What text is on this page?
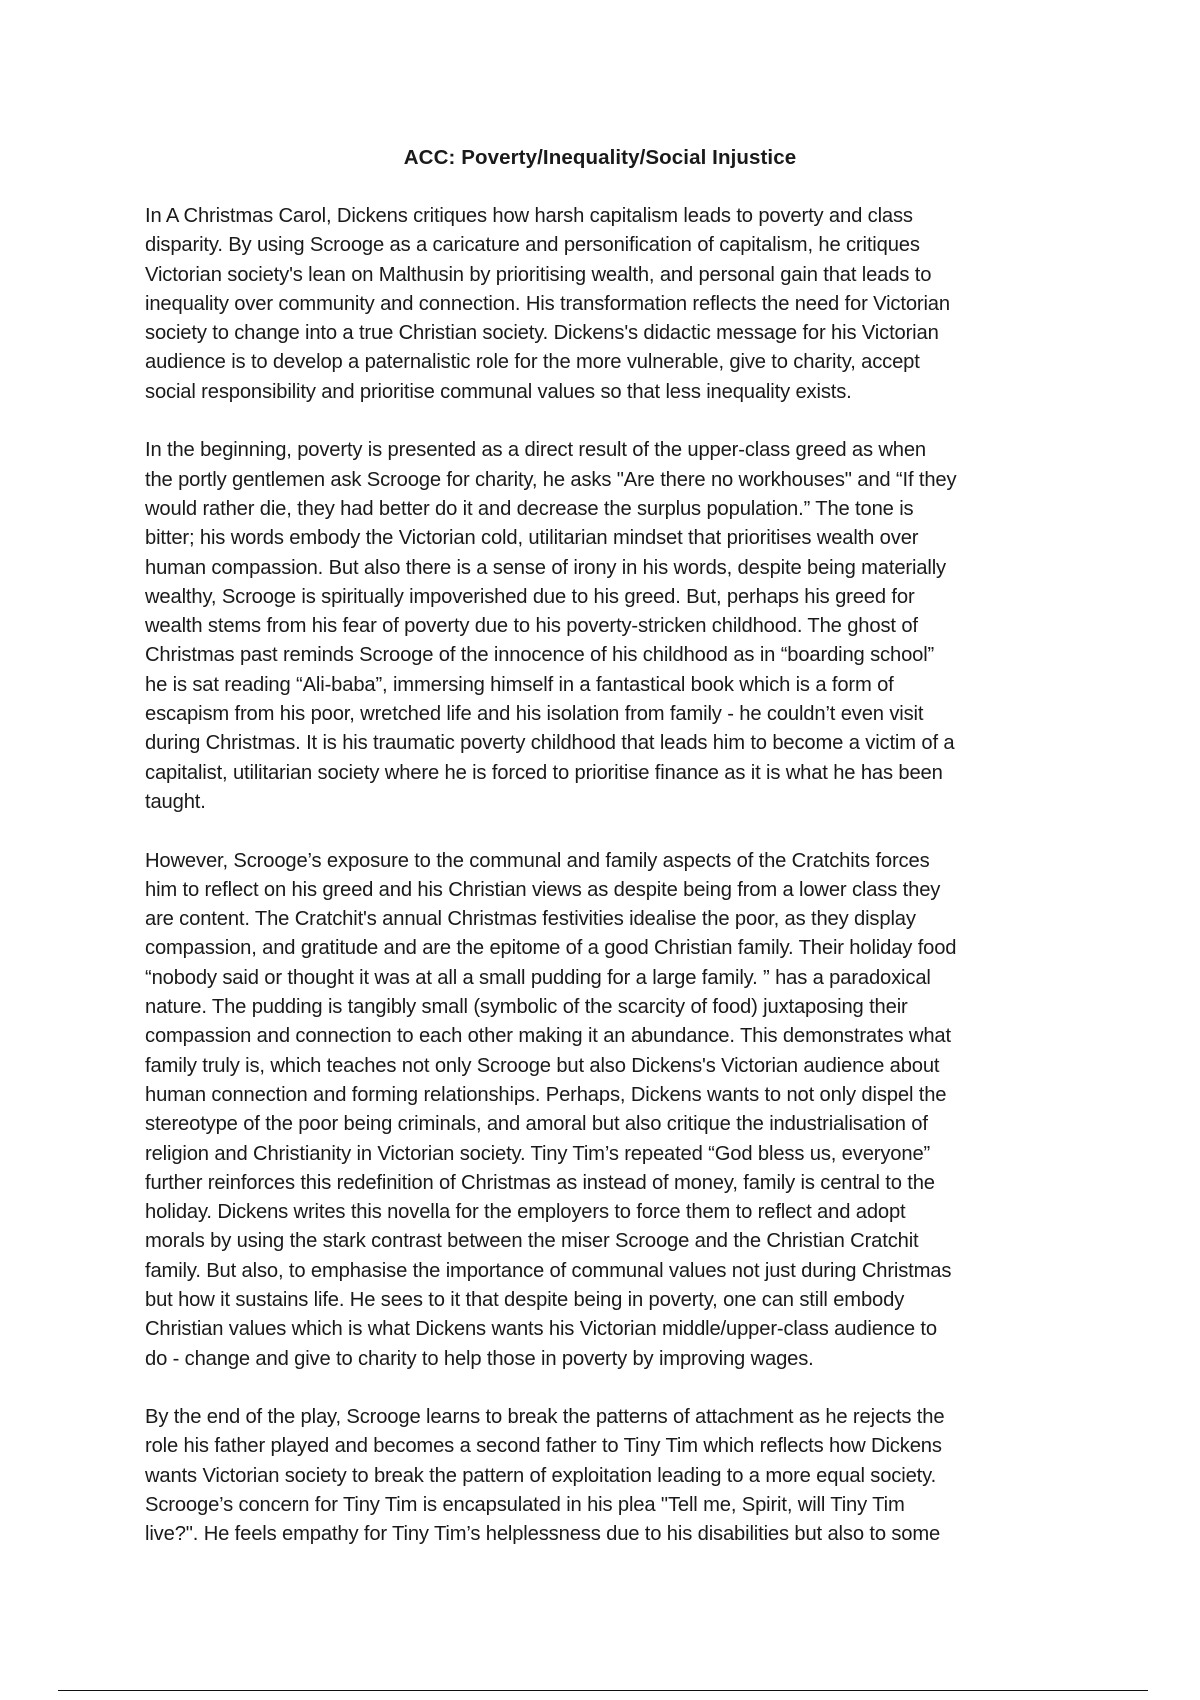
ACC: Poverty/Inequality/Social Injustice
In A Christmas Carol, Dickens critiques how harsh capitalism leads to poverty and class
disparity. By using Scrooge as a caricature and personification of capitalism, he critiques
Victorian society's lean on Malthusin by prioritising wealth, and personal gain that leads to
inequality over community and connection. His transformation reflects the need for Victorian
society to change into a true Christian society. Dickens's didactic message for his Victorian
audience is to develop a paternalistic role for the more vulnerable, give to charity, accept
social responsibility and prioritise communal values so that less inequality exists.
In the beginning, poverty is presented as a direct result of the upper-class greed as when
the portly gentlemen ask Scrooge for charity, he asks "Are there no workhouses" and “If they
would rather die, they had better do it and decrease the surplus population.” The tone is
bitter; his words embody the Victorian cold, utilitarian mindset that prioritises wealth over
human compassion. But also there is a sense of irony in his words, despite being materially
wealthy, Scrooge is spiritually impoverished due to his greed. But, perhaps his greed for
wealth stems from his fear of poverty due to his poverty-stricken childhood. The ghost of
Christmas past reminds Scrooge of the innocence of his childhood as in “boarding school”
he is sat reading “Ali-baba”, immersing himself in a fantastical book which is a form of
escapism from his poor, wretched life and his isolation from family - he couldn’t even visit
during Christmas. It is his traumatic poverty childhood that leads him to become a victim of a
capitalist, utilitarian society where he is forced to prioritise finance as it is what he has been
taught.
However, Scrooge’s exposure to the communal and family aspects of the Cratchits forces
him to reflect on his greed and his Christian views as despite being from a lower class they
are content. The Cratchit's annual Christmas festivities idealise the poor, as they display
compassion, and gratitude and are the epitome of a good Christian family. Their holiday food
“nobody said or thought it was at all a small pudding for a large family. ” has a paradoxical
nature. The pudding is tangibly small (symbolic of the scarcity of food) juxtaposing their
compassion and connection to each other making it an abundance. This demonstrates what
family truly is, which teaches not only Scrooge but also Dickens's Victorian audience about
human connection and forming relationships. Perhaps, Dickens wants to not only dispel the
stereotype of the poor being criminals, and amoral but also critique the industrialisation of
religion and Christianity in Victorian society. Tiny Tim’s repeated “God bless us, everyone”
further reinforces this redefinition of Christmas as instead of money, family is central to the
holiday. Dickens writes this novella for the employers to force them to reflect and adopt
morals by using the stark contrast between the miser Scrooge and the Christian Cratchit
family. But also, to emphasise the importance of communal values not just during Christmas
but how it sustains life. He sees to it that despite being in poverty, one can still embody
Christian values which is what Dickens wants his Victorian middle/upper-class audience to
do - change and give to charity to help those in poverty by improving wages.
By the end of the play, Scrooge learns to break the patterns of attachment as he rejects the
role his father played and becomes a second father to Tiny Tim which reflects how Dickens
wants Victorian society to break the pattern of exploitation leading to a more equal society.
Scrooge’s concern for Tiny Tim is encapsulated in his plea "Tell me, Spirit, will Tiny Tim
live?". He feels empathy for Tiny Tim’s helplessness due to his disabilities but also to some
